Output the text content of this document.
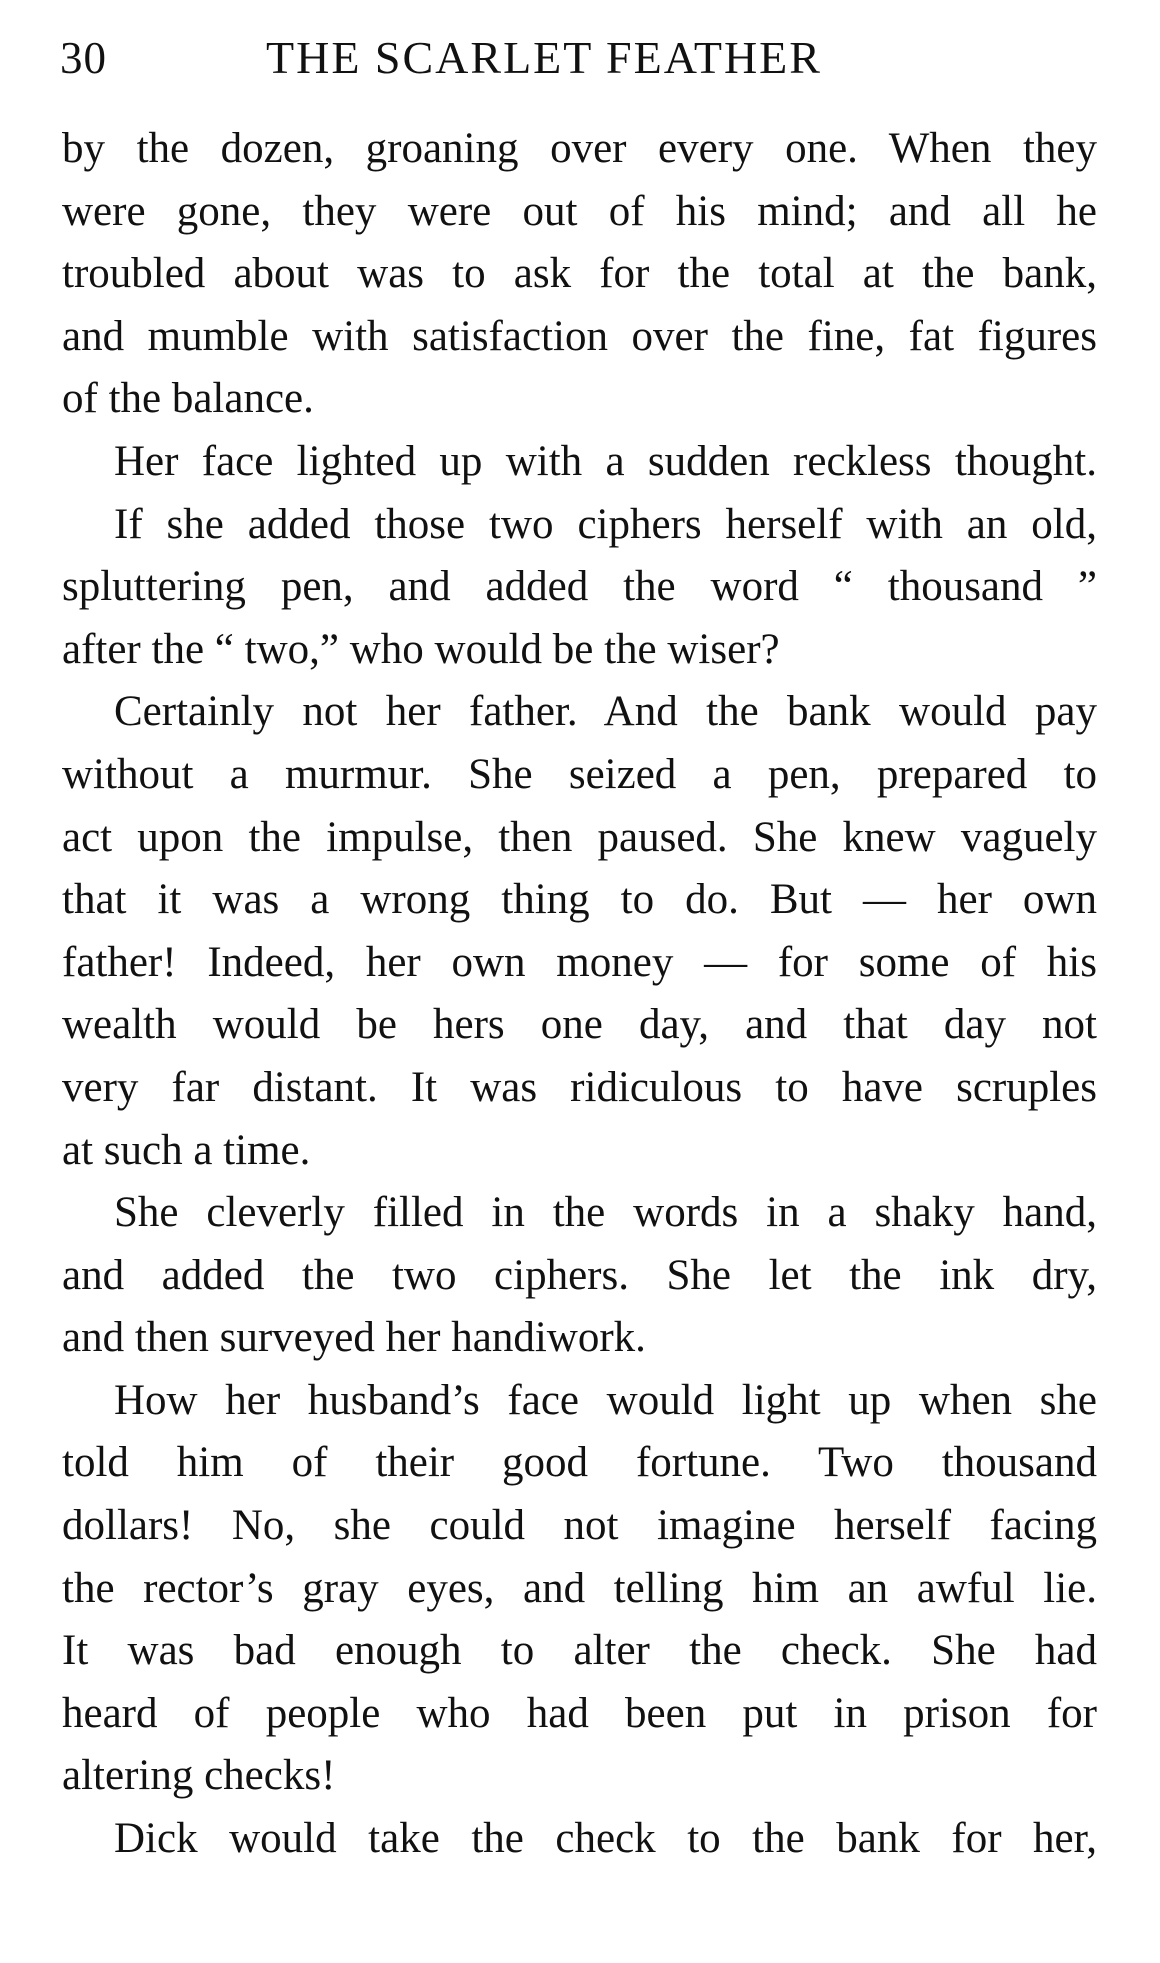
30	THE SCARLET FEATHER
by the dozen, groaning over every one. When they
were gone, they were out of his mind; and all he
troubled about was to ask for the total at the bank,
and mumble with satisfaction over the fine, fat figures
of the balance.
Her face lighted up with a sudden reckless thought.
If she added those two ciphers herself with an old,
spluttering pen, and added the word “ thousand ”
after the “ two,” who would be the wiser?
Certainly not her father. And the bank would pay
without a murmur. She seized a pen, prepared to
act upon the impulse, then paused. She knew vaguely
that it was a wrong thing to do. But — her own
father! Indeed, her own money — for some of his
wealth would be hers one day, and that day not
very far distant. It was ridiculous to have scruples
at such a time.
She cleverly filled in the words in a shaky hand,
and added the two ciphers. She let the ink dry,
and then surveyed her handiwork.
How her husband’s face would light up when she
told him of their good fortune. Two thousand
dollars! No, she could not imagine herself facing
the rector’s gray eyes, and telling him an awful lie.
It was bad enough to alter the check. She had
heard of people who had been put in prison for
altering checks!
Dick would take the check to the bank for her,
